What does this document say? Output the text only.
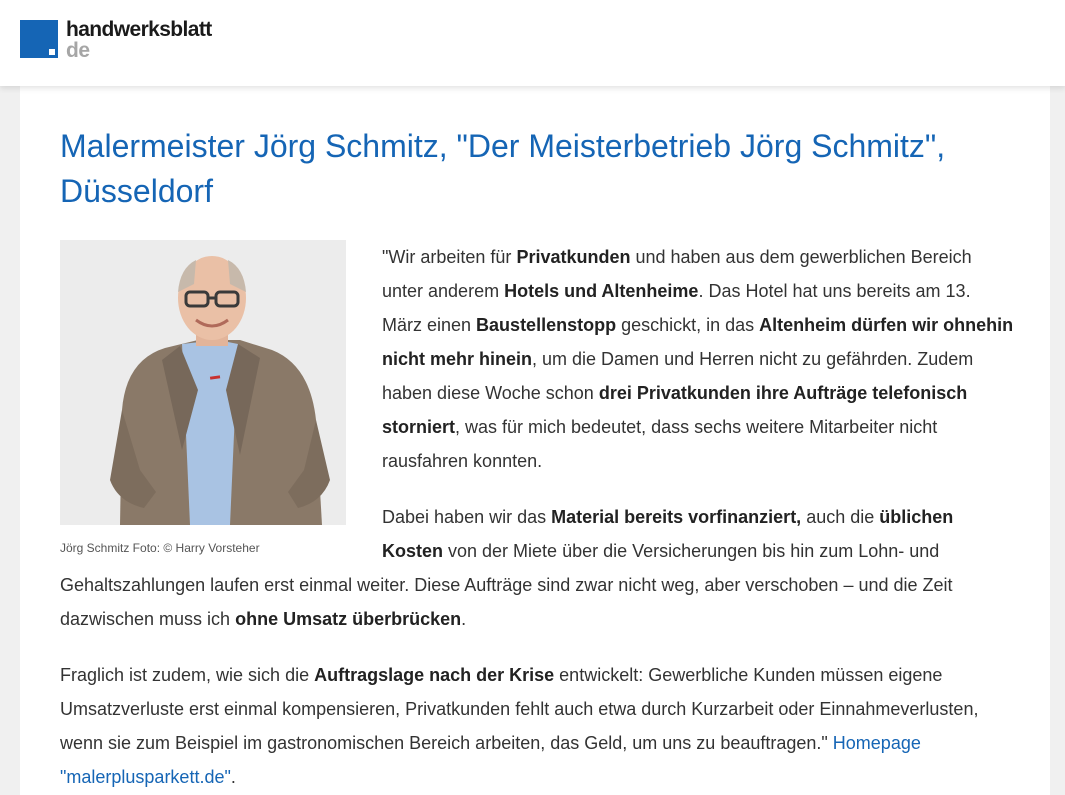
handwerksblatt
de
Malermeister Jörg Schmitz, "Der Meisterbetrieb Jörg Schmitz", Düsseldorf
Jörg Schmitz Foto: © Harry Vorsteher

"Wir arbeiten für Privatkunden und haben aus dem gewerblichen Bereich unter anderem Hotels und Altenheime. Das Hotel hat uns bereits am 13. März einen Baustellenstopp geschickt, in das Altenheim dürfen wir ohnehin nicht mehr hinein, um die Damen und Herren nicht zu gefährden. Zudem haben diese Woche schon drei Privatkunden ihre Aufträge telefonisch storniert, was für mich bedeutet, dass sechs weitere Mitarbeiter nicht rausfahren konnten.

Dabei haben wir das Material bereits vorfinanziert, auch die üblichen Kosten von der Miete über die Versicherungen bis hin zum Lohn- und Gehaltszahlungen laufen erst einmal weiter. Diese Aufträge sind zwar nicht weg, aber verschoben – und die Zeit dazwischen muss ich ohne Umsatz überbrücken.

Fraglich ist zudem, wie sich die Auftragslage nach der Krise entwickelt: Gewerbliche Kunden müssen eigene Umsatzverluste erst einmal kompensieren, Privatkunden fehlt auch etwa durch Kurzarbeit oder Einnahmeverlusten, wenn sie zum Beispiel im gastronomischen Bereich arbeiten, das Geld, um uns zu beauftragen." Homepage "malerplusparkett.de".
